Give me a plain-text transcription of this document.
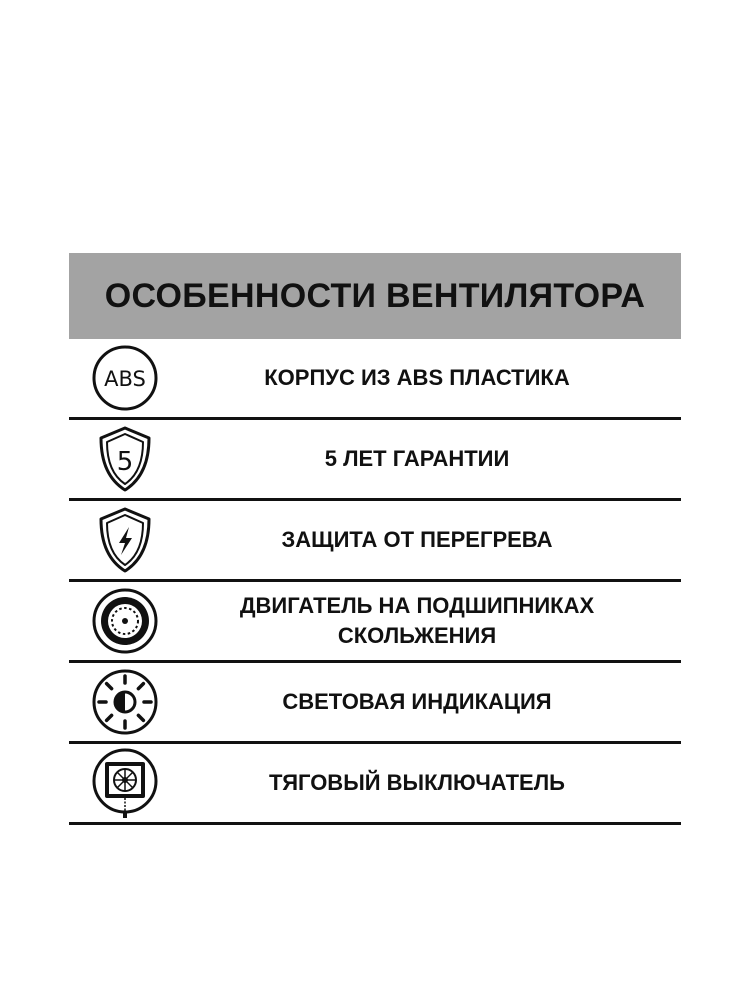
ОСОБЕННОСТИ ВЕНТИЛЯТОРА
ABS	КОРПУС ИЗ ABS ПЛАСТИКА
5	5 ЛЕТ ГАРАНТИИ
ЗАЩИТА ОТ ПЕРЕГРЕВА
ДВИГАТЕЛЬ НА ПОДШИПНИКАХ
СКОЛЬЖЕНИЯ
СВЕТОВАЯ ИНДИКАЦИЯ
ТЯГОВЫЙ ВЫКЛЮЧАТЕЛЬ
